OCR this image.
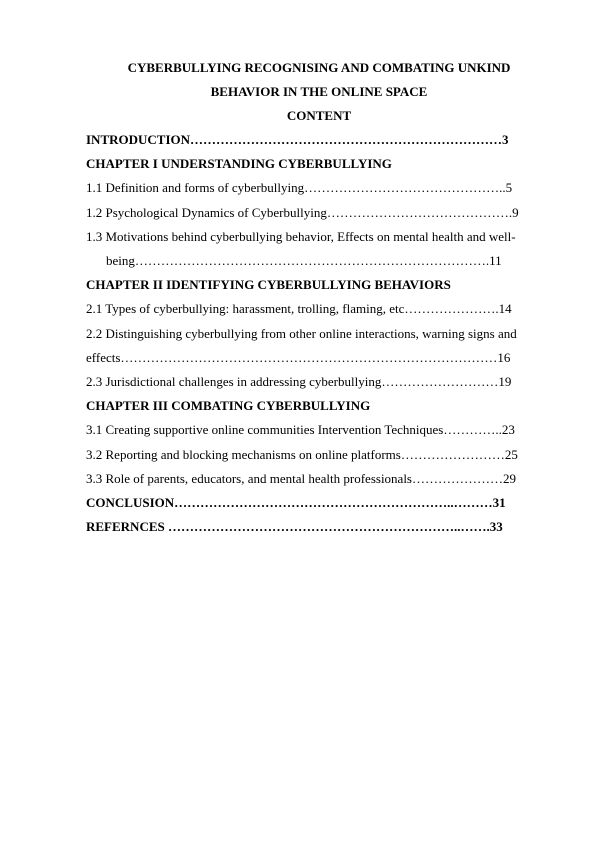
CYBERBULLYING RECOGNISING AND COMBATING UNKIND
BEHAVIOR IN THE ONLINE SPACE
CONTENT
INTRODUCTION………………………………………………………………3
CHAPTER I UNDERSTANDING CYBERBULLYING
1.1 Definition and forms of cyberbullying………………………………………..5
1.2 Psychological Dynamics of Cyberbullying…………………………………….9
1.3 Motivations behind cyberbullying behavior, Effects on mental health and well-
being……………………………………………………………………….11
CHAPTER II IDENTIFYING CYBERBULLYING BEHAVIORS
2.1 Types of cyberbullying: harassment, trolling, flaming, etc………………….14
2.2 Distinguishing cyberbullying from other online interactions, warning signs and
effects……………………………………………………………………………16
2.3 Jurisdictional challenges in addressing cyberbullying………………………19
CHAPTER III COMBATING CYBERBULLYING
3.1 Creating supportive online communities Intervention Techniques…………..23
3.2 Reporting and blocking mechanisms on online platforms……………………25
3.3 Role of parents, educators, and mental health professionals…………………29
CONCLUSION………………………………………………………..………31
REFERNCES …………………………………………………………..…….33
